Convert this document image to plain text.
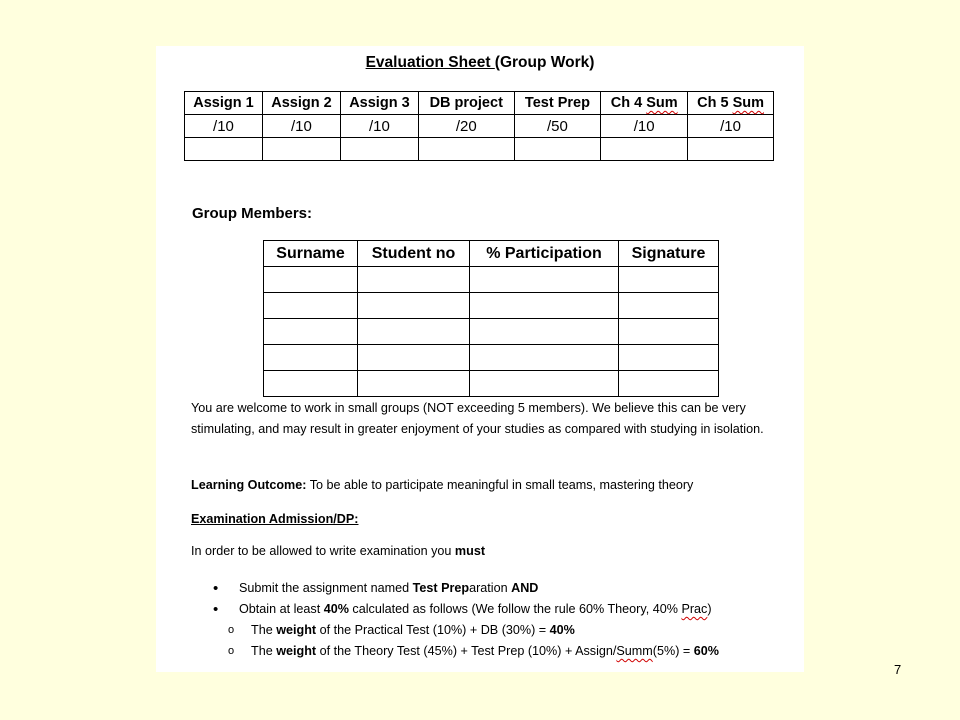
Evaluation Sheet (Group Work)
Assign 1	Assign 2	Assign 3	DB project	Test Prep	Ch 4 Sum	Ch 5 Sum
/10	/10	/10	/20	/50	/10	/10

Group Members:
Surname	Student no	% Participation	Signature

You are welcome to work in small groups (NOT exceeding 5 members). We believe this can be very stimulating, and may result in greater enjoyment of your studies as compared with studying in isolation.
Learning Outcome: To be able to participate meaningful in small teams, mastering theory
Examination Admission/DP:
In order to be allowed to write examination you must
• Submit the assignment named Test Preparation AND
• Obtain at least 40% calculated as follows (We follow the rule 60% Theory, 40% Prac)
o The weight of the Practical Test (10%) + DB (30%) = 40%
o The weight of the Theory Test (45%) + Test Prep (10%) + Assign/Summ(5%) = 60%
7
